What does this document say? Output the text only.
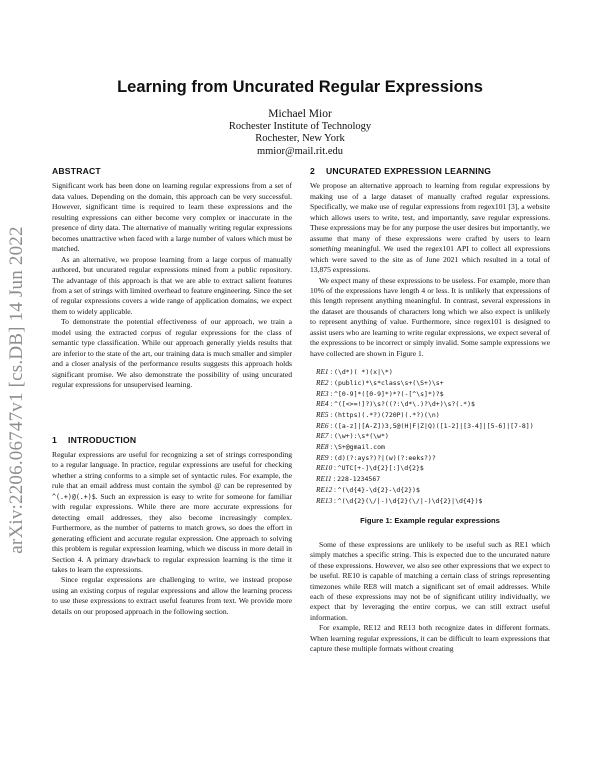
arXiv:2206.06747v1 [cs.DB] 14 Jun 2022
Learning from Uncurated Regular Expressions
Michael Mior
Rochester Institute of Technology
Rochester, New York
mmior@mail.rit.edu
ABSTRACT

Significant work has been done on learning regular expressions from a set of data values. Depending on the domain, this approach can be very successful. However, significant time is required to learn these expressions and the resulting expressions can either become very complex or inaccurate in the presence of dirty data. The alternative of manually writing regular expressions becomes unattractive when faced with a large number of values which must be matched.

As an alternative, we propose learning from a large corpus of manually authored, but uncurated regular expressions mined from a public repository. The advantage of this approach is that we are able to extract salient features from a set of strings with limited overhead to feature engineering. Since the set of regular expressions covers a wide range of application domains, we expect them to widely applicable.

To demonstrate the potential effectiveness of our approach, we train a model using the extracted corpus of regular expressions for the class of semantic type classification. While our approach generally yields results that are inferior to the state of the art, our training data is much smaller and simpler and a closer analysis of the performance results suggests this approach holds significant promise. We also demonstrate the possibility of using uncurated regular expressions for unsupervised learning.

1 INTRODUCTION

Regular expressions are useful for recognizing a set of strings corresponding to a regular language. In practice, regular expressions are useful for checking whether a string conforms to a simple set of syntactic rules. For example, the rule that an email address must contain the symbol @ can be represented by ^(.+)@(.+)$. Such an expression is easy to write for someone for familiar with regular expressions. While there are more accurate expressions for detecting email addresses, they also become increasingly complex. Furthermore, as the number of patterns to match grows, so does the effort in generating efficient and accurate regular expression. One approach to solving this problem is regular expression learning, which we discuss in more detail in Section 4. A primary drawback to regular expression learning is the time it takes to learn the expressions.

Since regular expressions are challenging to write, we instead propose using an existing corpus of regular expressions and allow the learning process to use these expressions to extract useful features from text. We provide more details on our proposed approach in the following section.

2 UNCURATED EXPRESSION LEARNING

We propose an alternative approach to learning from regular expressions by making use of a large dataset of manually crafted regular expressions. Specifically, we make use of regular expressions from regex101 [3], a website which allows users to write, test, and importantly, save regular expressions. These expressions may be for any purpose the user desires but importantly, we assume that many of these expressions were crafted by users to learn something meaningful. We used the regex101 API to collect all expressions which were saved to the site as of June 2021 which resulted in a total of 13,875 expressions.

We expect many of these expressions to be useless. For example, more than 10% of the expressions have length 4 or less. It is unlikely that expressions of this length represent anything meaningful. In contrast, several expressions in the dataset are thousands of characters long which we also expect is unlikely to represent anything of value. Furthermore, since regex101 is designed to assist users who are learning to write regular expressions, we expect several of the expressions to be incorrect or simply invalid. Some sample expressions we have collected are shown in Figure 1.

RE1 : (\d*)( *)(x|\*)
RE2 : (public)*\s*class\s+(\S+)\s+
RE3 : ^[0-9]*([0-9]*)*?(-[^\s]*)?$
RE4 : ^([<>=!]?)\s?((?:\d*\.)?\d+)\s?(.*)$
RE5 : (https)(.*?)(720P)(.*?)(\n)
RE6 : ([a-z]|[A-Z])3,5@(H|F|Z|Q)([1-2]|[3-4]|[5-6]|[7-8])
RE7 : (\w+):\s*(\w*)
RE8 : \S+@gmail.com
RE9 : (d)(?:ays?)?|(w)(?:eeks?)?
RE10 : ^UTC[+-]\d{2}[:]\d{2}$
RE11 : 228-1234567
RE12 : ^(\d{4}-\d{2}-\d{2})$
RE13 : ^(\d{2}(\/|-)\d{2}(\/|-)\d{2}|\d{4})$
Figure 1: Example regular expressions

Some of these expressions are unlikely to be useful such as RE1 which simply matches a specific string. This is expected due to the uncurated nature of these expressions. However, we also see other expressions that we expect to be useful. RE10 is capable of matching a certain class of strings representing timezones while RE8 will match a significant set of email addresses. While each of these expressions may not be of significant utility individually, we expect that by leveraging the entire corpus, we can still extract useful information.

For example, RE12 and RE13 both recognize dates in different formats. When learning regular expressions, it can be difficult to learn expressions that capture these multiple formats without creating
